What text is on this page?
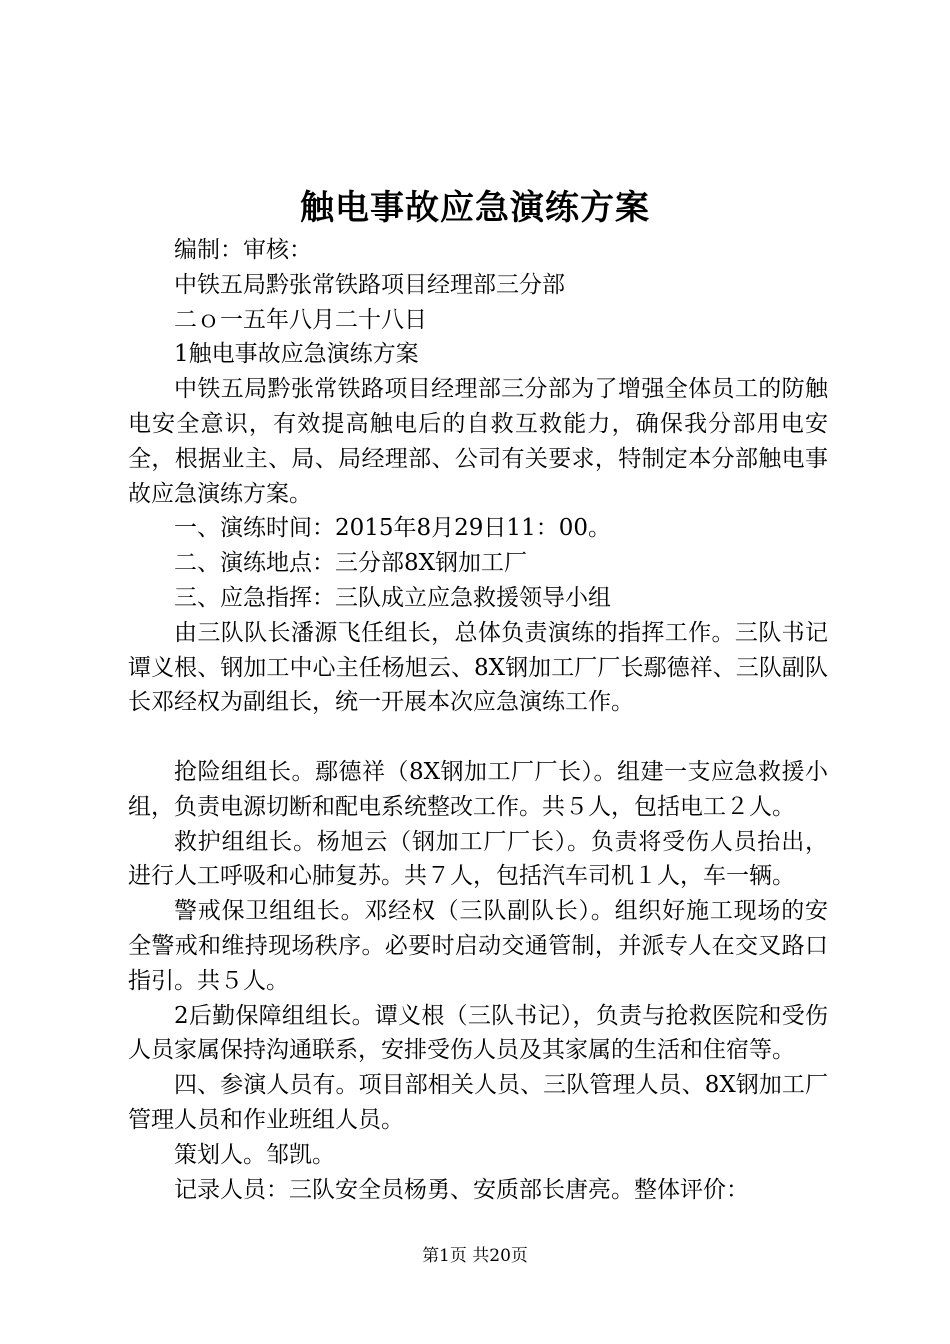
触电事故应急演练方案

编制：审核：

中铁五局黔张常铁路项目经理部三分部

二ｏ一五年八月二十八日

1触电事故应急演练方案

中铁五局黔张常铁路项目经理部三分部为了增强全体员工的防触电安全意识，有效提高触电后的自救互救能力，确保我分部用电安全，根据业主、局、局经理部、公司有关要求，特制定本分部触电事故应急演练方案。

一、演练时间：2015年8月29日11：00。

二、演练地点：三分部8X钢加工厂

三、应急指挥：三队成立应急救援领导小组

由三队队长潘源飞任组长，总体负责演练的指挥工作。三队书记谭义根、钢加工中心主任杨旭云、8X钢加工厂厂长鄢德祥、三队副队长邓经权为副组长，统一开展本次应急演练工作。

抢险组组长。鄢德祥（8X钢加工厂厂长）。组建一支应急救援小组，负责电源切断和配电系统整改工作。共５人，包括电工２人。

救护组组长。杨旭云（钢加工厂厂长）。负责将受伤人员抬出，进行人工呼吸和心肺复苏。共７人，包括汽车司机１人，车一辆。

警戒保卫组组长。邓经权（三队副队长）。组织好施工现场的安全警戒和维持现场秩序。必要时启动交通管制，并派专人在交叉路口指引。共５人。

2后勤保障组组长。谭义根（三队书记），负责与抢救医院和受伤人员家属保持沟通联系，安排受伤人员及其家属的生活和住宿等。

四、参演人员有。项目部相关人员、三队管理人员、8X钢加工厂管理人员和作业班组人员。

策划人。邹凯。

记录人员：三队安全员杨勇、安质部长唐亮。整体评价：

第1页 共20页
